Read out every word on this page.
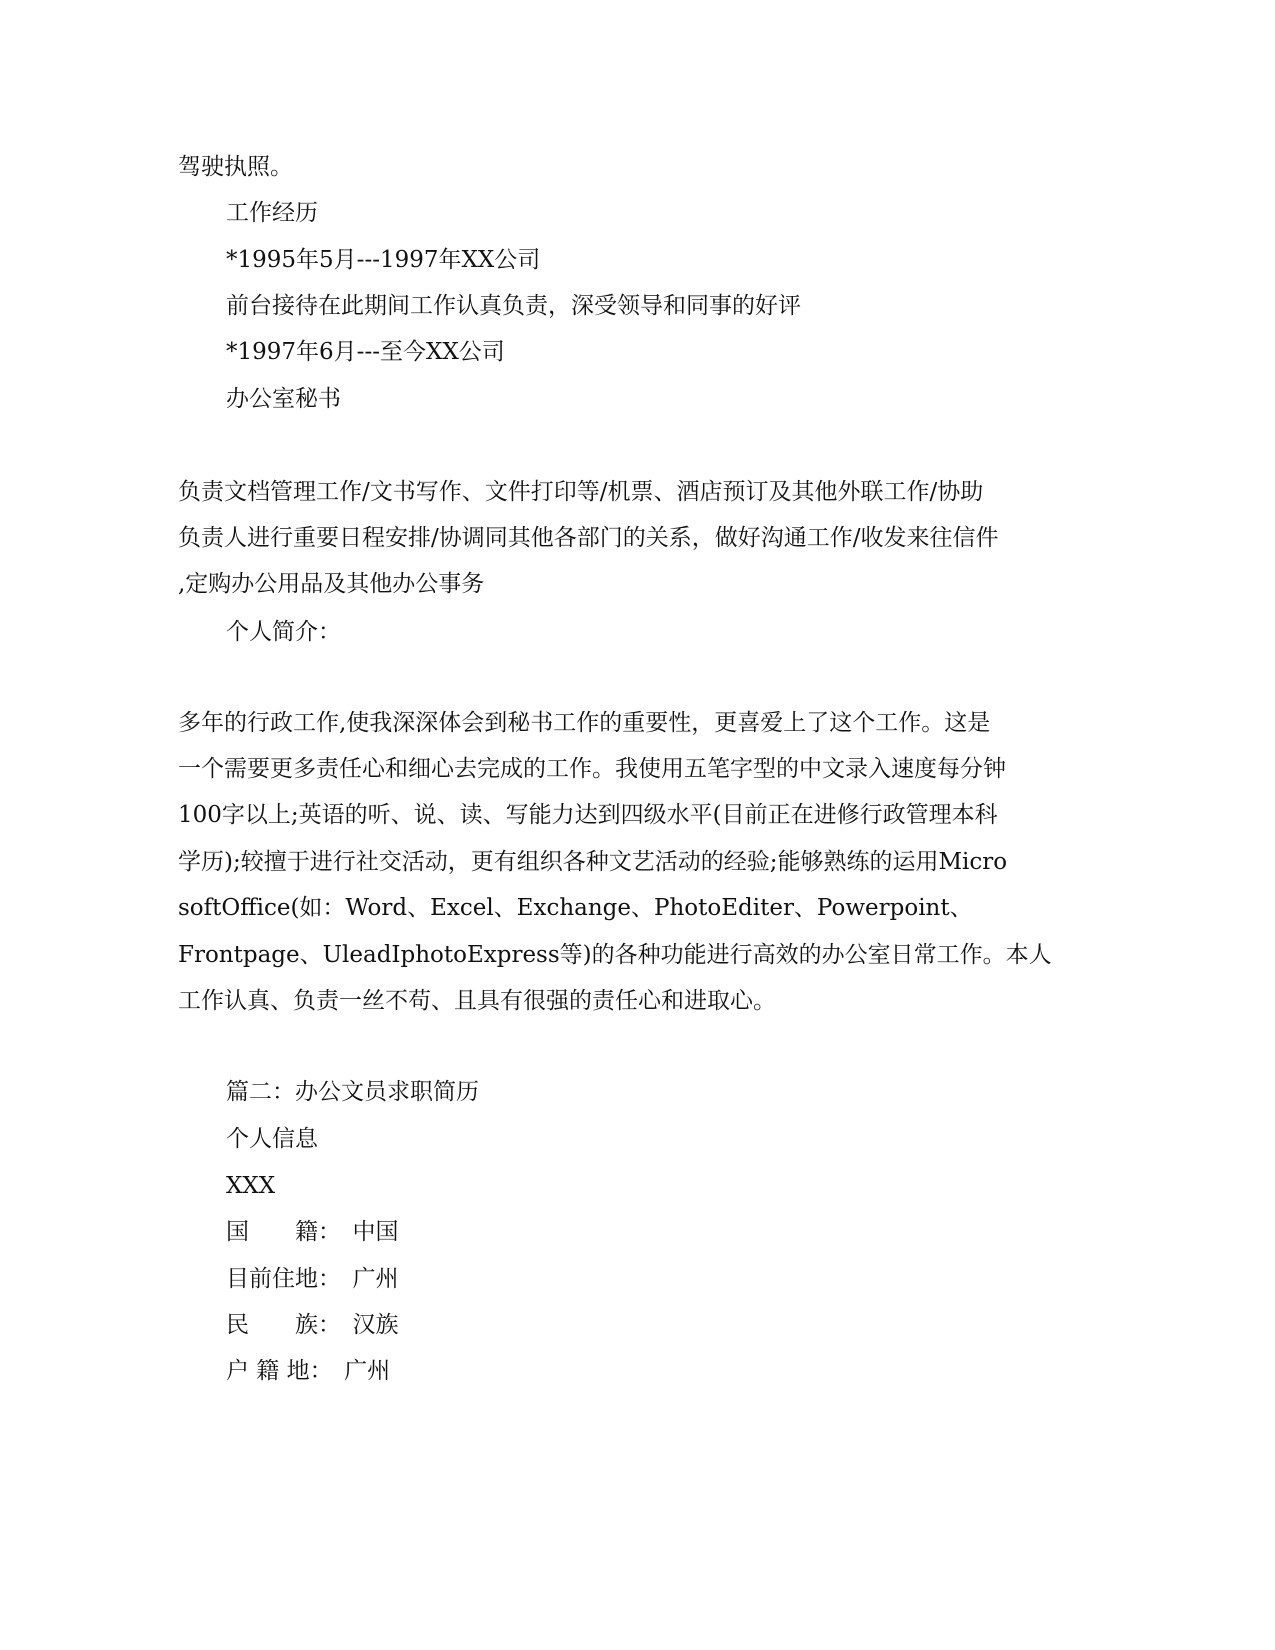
驾驶执照。
工作经历
*1995年5月---1997年XX公司
前台接待在此期间工作认真负责，深受领导和同事的好评
*1997年6月---至今XX公司
办公室秘书
负责文档管理工作/文书写作、文件打印等/机票、酒店预订及其他外联工作/协助
负责人进行重要日程安排/协调同其他各部门的关系，做好沟通工作/收发来往信件
,定购办公用品及其他办公事务
个人简介：
多年的行政工作,使我深深体会到秘书工作的重要性，更喜爱上了这个工作。这是
一个需要更多责任心和细心去完成的工作。我使用五笔字型的中文录入速度每分钟
100字以上;英语的听、说、读、写能力达到四级水平(目前正在进修行政管理本科
学历);较擅于进行社交活动，更有组织各种文艺活动的经验;能够熟练的运用Micro
softOffice(如：Word、Excel、Exchange、PhotoEditer、Powerpoint、
Frontpage、UleadIphotoExpress等)的各种功能进行高效的办公室日常工作。本人
工作认真、负责一丝不苟、且具有很强的责任心和进取心。
篇二：办公文员求职简历
个人信息
XXX
国　　籍：　中国
目前住地：　广州
民　　族：　汉族
户 籍 地：　广州
